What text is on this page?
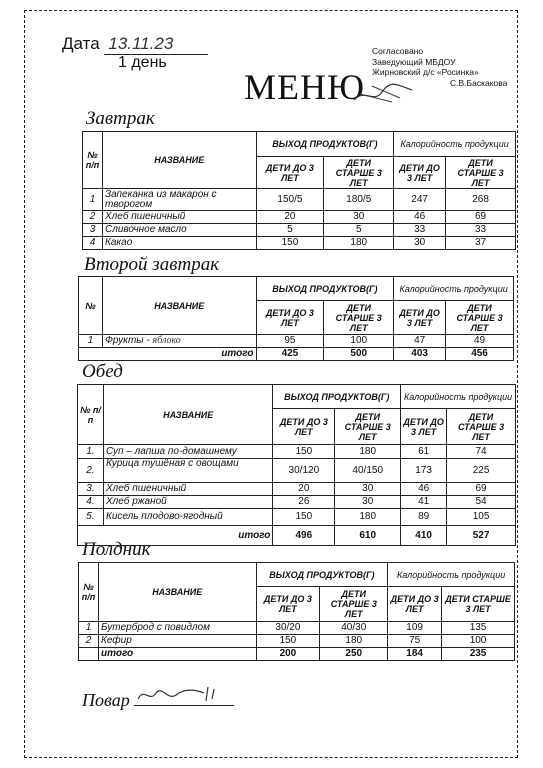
Дата 13.11.23
1 день
МЕНЮ
Согласовано
Заведующий МБДОУ
Жирновский д/с «Росинка»
С.В.Баскакова
Завтрак
№ п/п	НАЗВАНИЕ	ВЫХОД ПРОДУКТОВ(Г)		Калорийность продукции	
		ДЕТИ ДО 3 ЛЕТ	ДЕТИ СТАРШЕ 3 ЛЕТ	ДЕТИ ДО 3 ЛЕТ	ДЕТИ СТАРШЕ 3 ЛЕТ
1	Запеканка из макарон с творогом	150/5	180/5	247	268
2	Хлеб пшеничный	20	30	46	69
3	Сливочное масло	5	5	33	33
4	Какао	150	180	30	37
Второй завтрак
№	НАЗВАНИЕ	ВЫХОД ПРОДУКТОВ(Г)		Калорийность продукции	
		ДЕТИ ДО 3 ЛЕТ	ДЕТИ СТАРШЕ 3 ЛЕТ	ДЕТИ ДО 3 ЛЕТ	ДЕТИ СТАРШЕ 3 ЛЕТ
1	Фрукты - яблоко	95	100	47	49
итого		425	500	403	456
Обед
№ п/п	НАЗВАНИЕ	ВЫХОД ПРОДУКТОВ(Г)		Калорийность продукции	
		ДЕТИ ДО 3 ЛЕТ	ДЕТИ СТАРШЕ 3 ЛЕТ	ДЕТИ ДО 3 ЛЕТ	ДЕТИ СТАРШЕ 3 ЛЕТ
1.	Суп – лапша по-домашнему	150	180	61	74
2.	Курица тушёная с овощами	30/120	40/150	173	225
3.	Хлеб пшеничный	20	30	46	69
4.	Хлеб ржаной	26	30	41	54
5.	Кисель плодово-ягодный	150	180	89	105
итого		496	610	410	527
Полдник
№ п/п	НАЗВАНИЕ	ВЫХОД ПРОДУКТОВ(Г)		Калорийность продукции	
		ДЕТИ ДО 3 ЛЕТ	ДЕТИ СТАРШЕ 3 ЛЕТ	ДЕТИ ДО 3 ЛЕТ	ДЕТИ СТАРШЕ 3 ЛЕТ
1	Бутерброд с повидлом	30/20	40/30	109	135
2	Кефир	150	180	75	100
	итого	200	250	184	235
Повар
